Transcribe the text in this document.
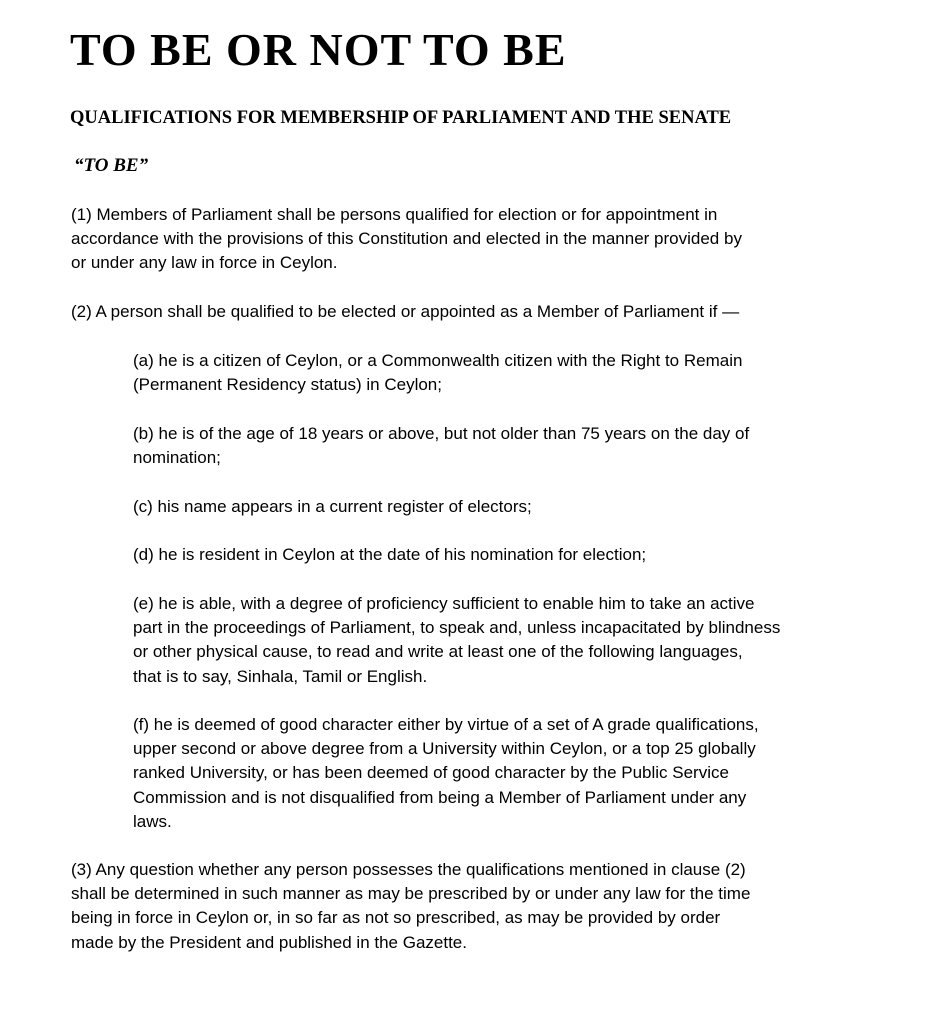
TO BE OR NOT TO BE
QUALIFICATIONS FOR MEMBERSHIP OF PARLIAMENT AND THE SENATE
“TO BE”

(1) Members of Parliament shall be persons qualified for election or for appointment in
accordance with the provisions of this Constitution and elected in the manner provided by
or under any law in force in Ceylon.

(2) A person shall be qualified to be elected or appointed as a Member of Parliament if —

(a) he is a citizen of Ceylon, or a Commonwealth citizen with the Right to Remain
(Permanent Residency status) in Ceylon;

(b) he is of the age of 18 years or above, but not older than 75 years on the day of
nomination;

(c) his name appears in a current register of electors;

(d) he is resident in Ceylon at the date of his nomination for election;

(e) he is able, with a degree of proficiency sufficient to enable him to take an active
part in the proceedings of Parliament, to speak and, unless incapacitated by blindness
or other physical cause, to read and write at least one of the following languages,
that is to say, Sinhala, Tamil or English.

(f) he is deemed of good character either by virtue of a set of A grade qualifications,
upper second or above degree from a University within Ceylon, or a top 25 globally
ranked University, or has been deemed of good character by the Public Service
Commission and is not disqualified from being a Member of Parliament under any
laws.

(3) Any question whether any person possesses the qualifications mentioned in clause (2)
shall be determined in such manner as may be prescribed by or under any law for the time
being in force in Ceylon or, in so far as not so prescribed, as may be provided by order
made by the President and published in the Gazette.
